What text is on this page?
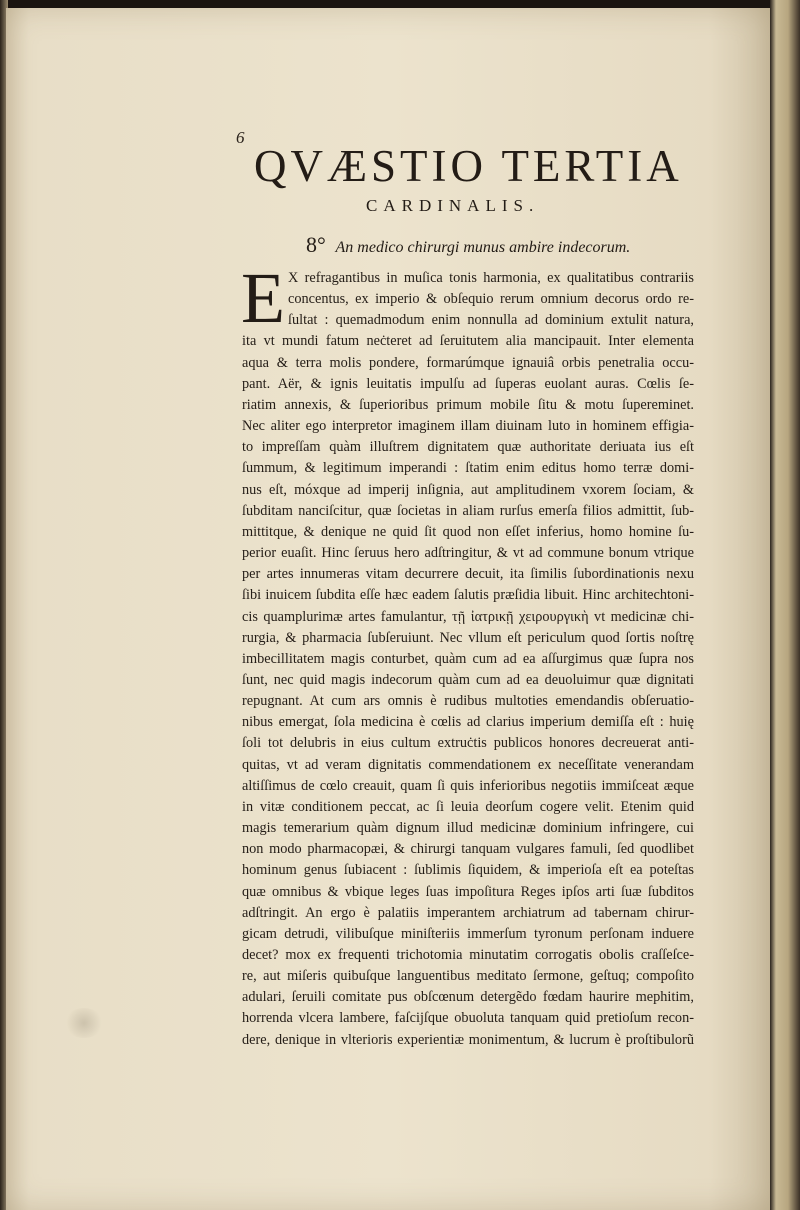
6
QVÆSTIO TERTIA
CARDINALIS.
8° An medico chirurgi munus ambire indecorum.
E X refragantibus in muſica tonis harmonia, ex qualitatibus contrariis
concentus, ex imperio & obſequio rerum omnium decorus ordo re-
ſultat : quemadmodum enim nonnulla ad dominium extulit natura,
ita vt mundi fatum neċteret ad ſeruitutem alia mancipauit. Inter elementa
aqua & terra molis pondere, formarúmque ignauiâ orbis penetralia occu-
pant. Aër, & ignis leuitatis impulſu ad ſuperas euolant auras. Cœlis ſe-
riatim annexis, & ſuperioribus primum mobile ſitu & motu ſupereminet.
Nec aliter ego interpretor imaginem illam diuinam luto in hominem effigia-
to impreſſam quàm illuſtrem dignitatem quæ authoritate deriuata ius eſt
ſummum, & legitimum imperandi : ſtatim enim editus homo terræ domi-
nus eſt, móxque ad imperij inſignia, aut amplitudinem vxorem ſociam, &
ſubditam nanciſcitur, quæ ſocietas in aliam rurſus emerſa filios admittit, ſub-
mittitque, & denique ne quid ſit quod non eſſet inferius, homo homine ſu-
perior euaſit. Hinc ſeruus hero adſtringitur, & vt ad commune bonum vtrique
per artes innumeras vitam decurrere decuit, ita ſimilis ſubordinationis nexu
ſibi inuicem ſubdita eſſe hæc eadem ſalutis præſidia libuit. Hinc architechtoni-
cis quamplurimæ artes famulantur, τῇ ἰατρικῇ χειρουργικὴ vt medicinæ chi-
rurgia, & pharmacia ſubſeruiunt. Nec vllum eſt periculum quod ſortis noſtrę
imbecillitatem magis conturbet, quàm cum ad ea aſſurgimus quæ ſupra nos
ſunt, nec quid magis indecorum quàm cum ad ea deuoluimur quæ dignitati
repugnant. At cum ars omnis è rudibus multoties emendandis obſeruatio-
nibus emergat, ſola medicina è cœlis ad clarius imperium demiſſa eſt : huię
ſoli tot delubris in eius cultum extruċtis publicos honores decreuerat anti-
quitas, vt ad veram dignitatis commendationem ex neceſſitate venerandam
altiſſimus de cœlo creauit, quam ſi quis inferioribus negotiis immiſceat æque
in vitæ conditionem peccat, ac ſi leuia deorſum cogere velit. Etenim quid
magis temerarium quàm dignum illud medicinæ dominium infringere, cui
non modo pharmacopæi, & chirurgi tanquam vulgares famuli, ſed quodlibet
hominum genus ſubiacent : ſublimis ſiquidem, & imperioſa eſt ea poteſtas
quæ omnibus & vbique leges ſuas impoſitura Reges ipſos arti ſuæ ſubditos
adſtringit. An ergo è palatiis imperantem archiatrum ad tabernam chirur-
gicam detrudi, vilibuſque miniſteriis immerſum tyronum perſonam induere
decet? mox ex frequenti trichotomia minutatim corrogatis obolis craſſeſce-
re, aut miſeris quibuſque languentibus meditato ſermone, geſtuq; compoſito
adulari, ſeruili comitate pus obſcœnum detergẽdo fœdam haurire mephitim,
horrenda vlcera lambere, faſcijſque obuoluta tanquam quid pretioſum recon-
dere, denique in vlterioris experientiæ monimentum, & lucrum è proſtibulorũ
